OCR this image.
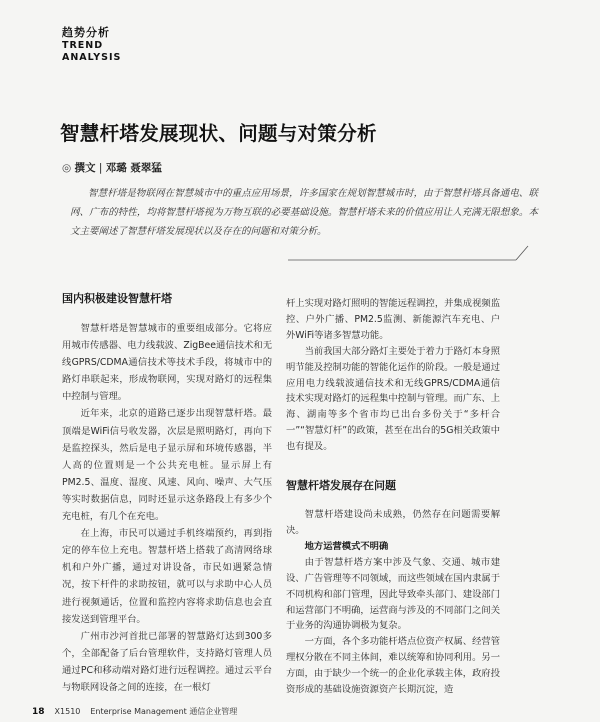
趋势分析
TREND
ANALYSIS
智慧杆塔发展现状、问题与对策分析
◎ 撰文 | 邓璐 聂翠猛
智慧杆塔是物联网在智慧城市中的重点应用场景，许多国家在规划智慧城市时，由于智慧杆塔具备通电、联网、广布的特性，均将智慧杆塔视为万物互联的必要基础设施。智慧杆塔未来的价值应用让人充满无限想象。本文主要阐述了智慧杆塔发展现状以及存在的问题和对策分析。
国内积极建设智慧杆塔

智慧杆塔是智慧城市的重要组成部分。它将应用城市传感器、电力线载波、ZigBee通信技术和无线GPRS/CDMA通信技术等技术手段，将城市中的路灯串联起来，形成物联网，实现对路灯的远程集中控制与管理。

近年来，北京的道路已逐步出现智慧杆塔。最顶端是WiFi信号收发器，次层是照明路灯，再向下是监控探头，然后是电子显示屏和环境传感器，半人高的位置则是一个公共充电桩。显示屏上有PM2.5、温度、湿度、风速、风向、噪声、大气压等实时数据信息，同时还显示这条路段上有多少个充电桩，有几个在充电。

在上海，市民可以通过手机终端预约，再到指定的停车位上充电。智慧杆塔上搭载了高清网络球机和户外广播，通过对讲设备，市民如遇紧急情况，按下杆件的求助按钮，就可以与求助中心人员进行视频通话，位置和监控内容将求助信息也会直接发送到管理平台。

广州市沙河首批已部署的智慧路灯达到300多个，全部配备了后台管理软件，支持路灯管理人员通过PC和移动端对路灯进行远程调控。通过云平台与物联网设备之间的连接，在一根灯

杆上实现对路灯照明的智能远程调控，并集成视频监控、户外广播、PM2.5监测、新能源汽车充电、户外WiFi等诸多智慧功能。

当前我国大部分路灯主要处于着力于路灯本身照明节能及控制功能的智能化运作的阶段。一般是通过应用电力线载波通信技术和无线GPRS/CDMA通信技术实现对路灯的远程集中控制与管理。而广东、上海、湖南等多个省市均已出台多份关于“多杆合一”“智慧灯杆”的政策，甚至在出台的5G相关政策中也有提及。

智慧杆塔发展存在问题

智慧杆塔建设尚未成熟，仍然存在问题需要解决。

地方运营模式不明确

由于智慧杆塔方案中涉及气象、交通、城市建设、广告管理等不同领域，而这些领域在国内隶属于不同机构和部门管理，因此导致牵头部门、建设部门和运营部门不明确，运营商与涉及的不同部门之间关于业务的沟通协调极为复杂。

一方面，各个多功能杆塔点位资产权属、经营管理权分散在不同主体间，难以统筹和协同利用。另一方面，由于缺少一个统一的企业化承载主体，政府投资形成的基础设施资源资产长期沉淀，造

18 X1510 Enterprise Management 通信企业管理
